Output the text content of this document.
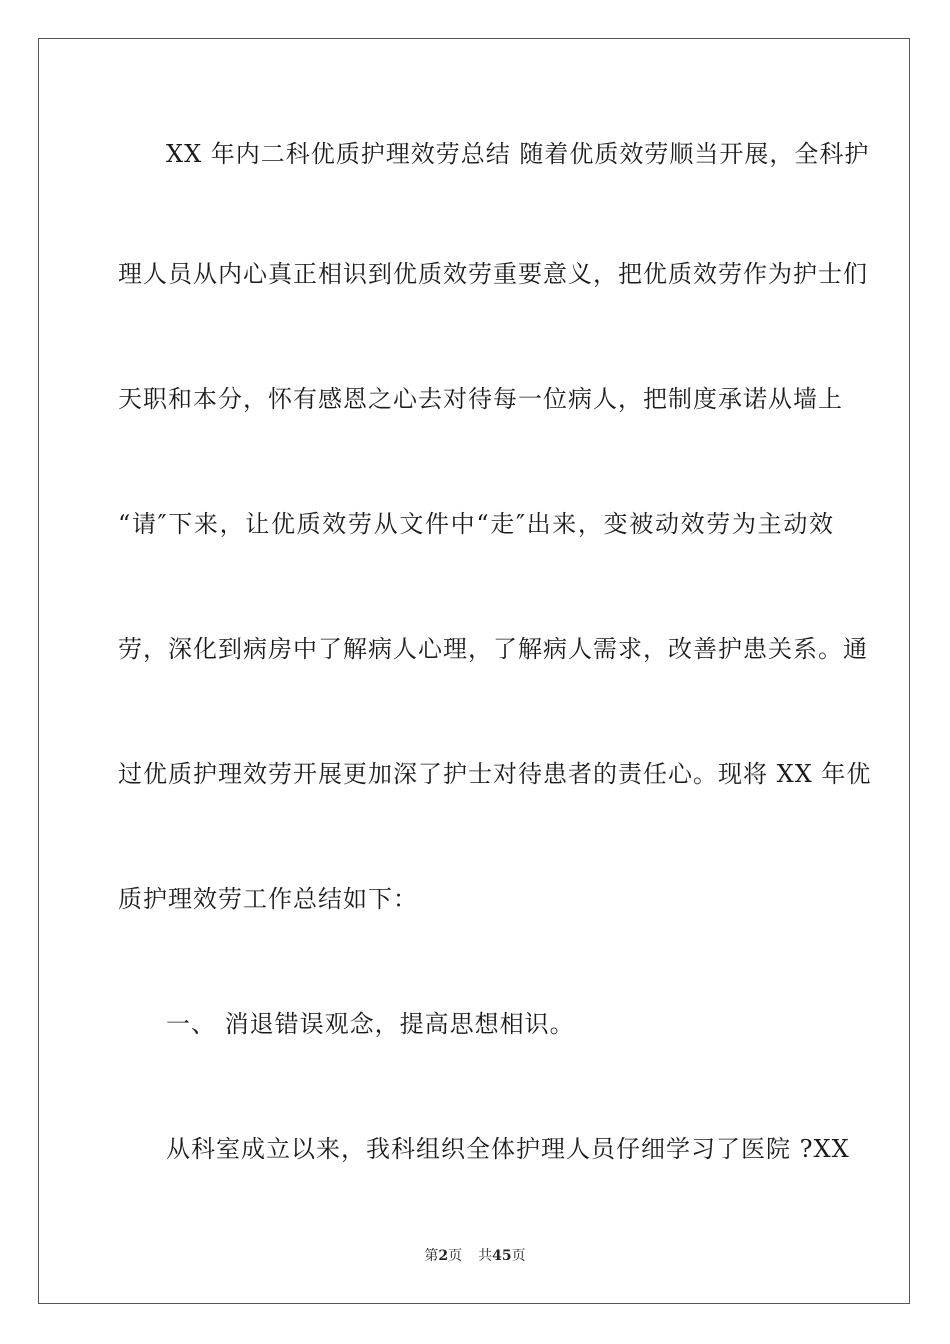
XX 年内二科优质护理效劳总结 随着优质效劳顺当开展，全科护
理人员从内心真正相识到优质效劳重要意义，把优质效劳作为护士们
天职和本分，怀有感恩之心去对待每一位病人，把制度承诺从墙上
“请″下来，让优质效劳从文件中“走″出来，变被动效劳为主动效
劳，深化到病房中了解病人心理，了解病人需求，改善护患关系。通
过优质护理效劳开展更加深了护士对待患者的责任心。现将 XX 年优
质护理效劳工作总结如下：
一、 消退错误观念，提高思想相识。
从科室成立以来，我科组织全体护理人员仔细学习了医院 ?XX
第2页 共45页
